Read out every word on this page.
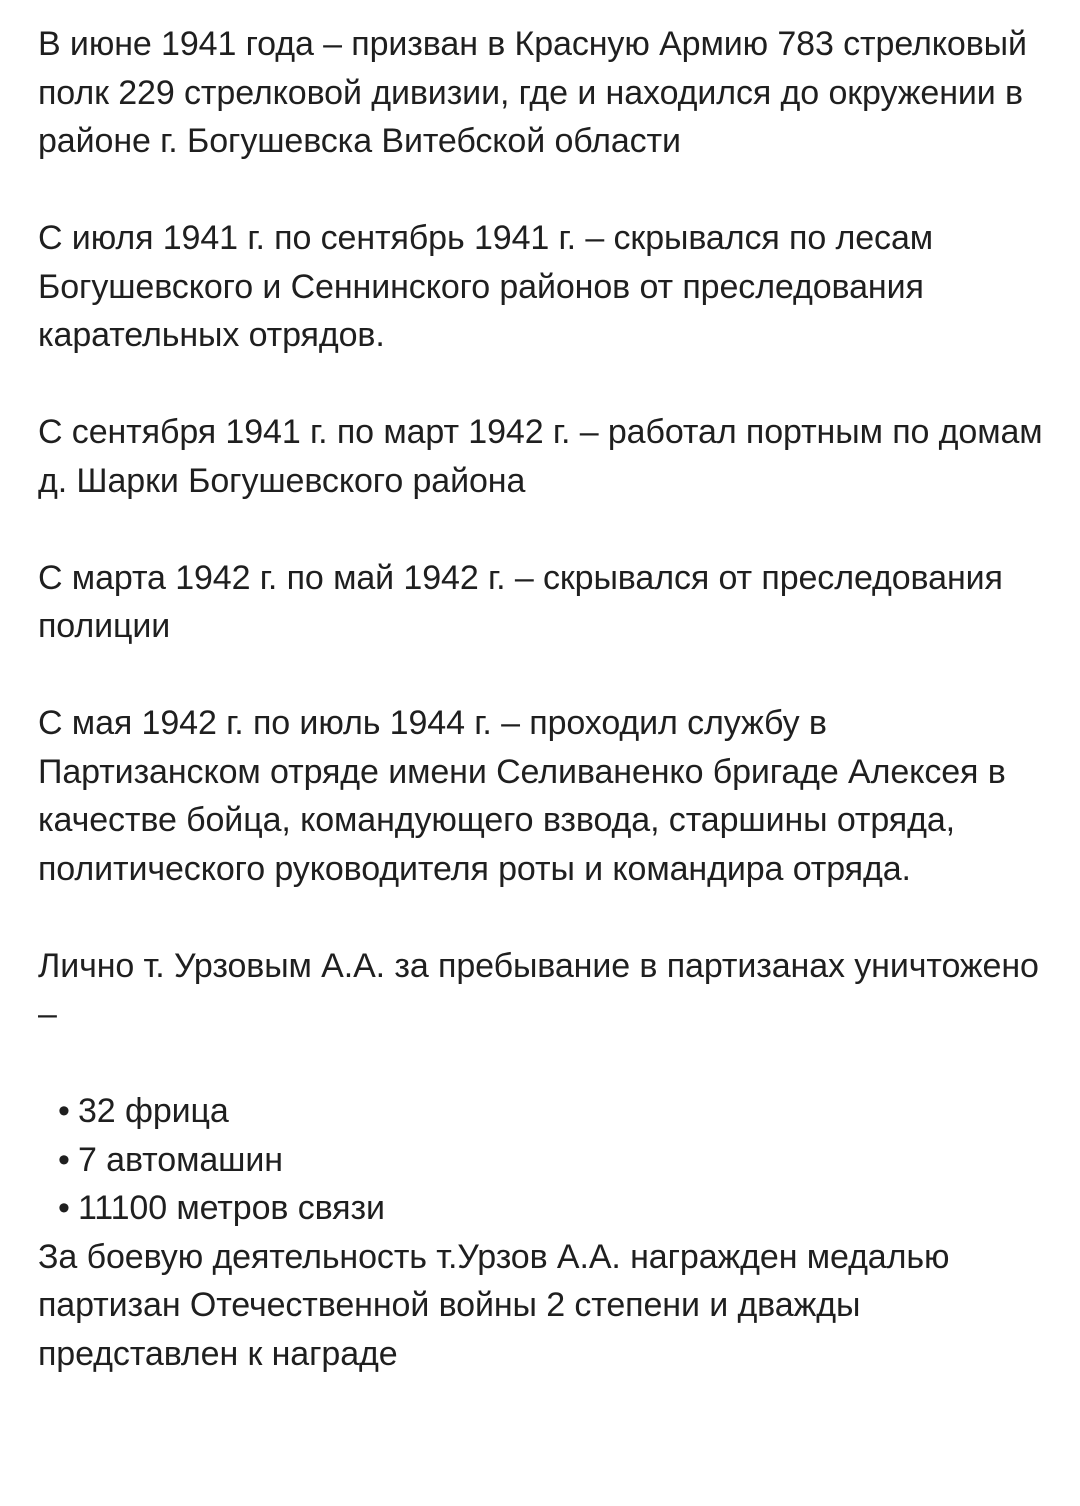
В июне 1941 года – призван в Красную Армию 783 стрелковый полк 229 стрелковой дивизии, где и находился до окружении в районе г. Богушевска Витебской области

С июля 1941 г. по сентябрь 1941 г. – скрывался по лесам Богушевского и Сеннинского районов от преследования карательных отрядов.

С сентября 1941 г. по март 1942 г. – работал портным по домам д. Шарки Богушевского района

С марта 1942 г. по май 1942 г. – скрывался от преследования полиции

С мая 1942 г. по июль 1944 г. – проходил службу в Партизанском отряде имени Селиваненко бригаде Алексея в качестве бойца, командующего взвода, старшины отряда, политического руководителя роты и командира отряда.

Лично т. Урзовым А.А. за пребывание в партизанах уничтожено –

• 32 фрица
• 7 автомашин
• 11100 метров связи

За боевую деятельность т.Урзов А.А. награжден медалью партизан Отечественной войны 2 степени и дважды представлен к награде
